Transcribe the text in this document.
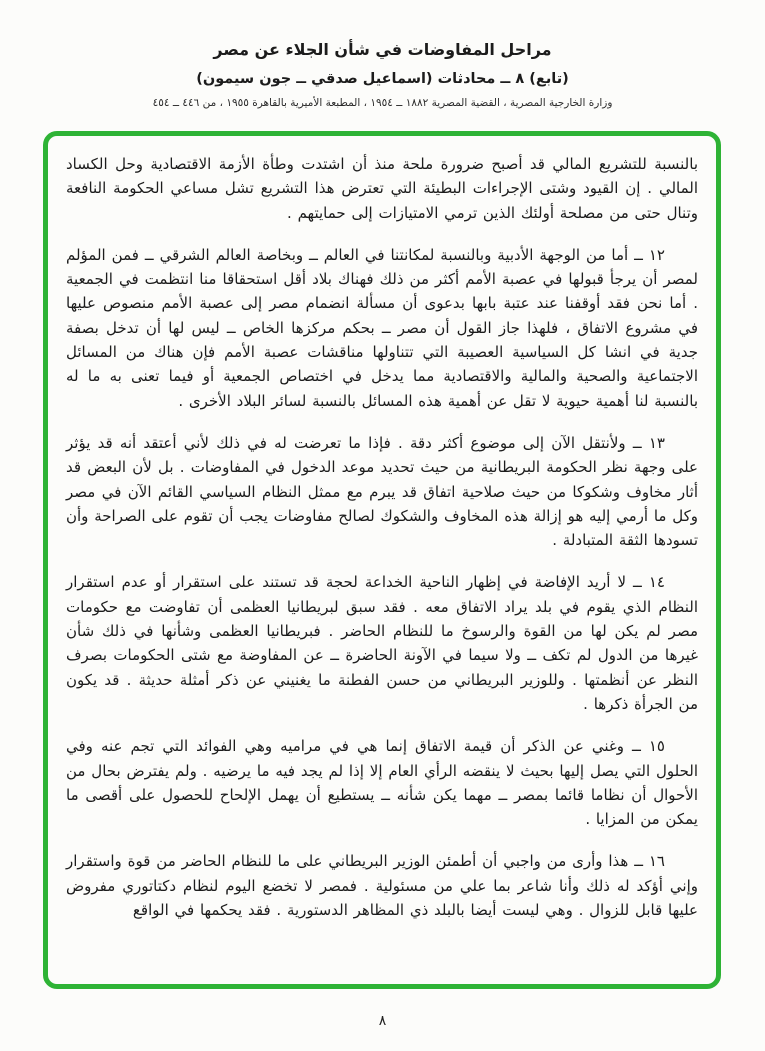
مراحل المفاوضات في شأن الجلاء عن مصر
(تابع) ٨ ــ محادثات (اسماعيل صدقي ــ جون سيمون)
وزارة الخارجية المصرية ، القضية المصرية ١٨٨٢ ــ ١٩٥٤ ، المطبعة الأميرية بالقاهرة ١٩٥٥ ، من ٤٤٦ ــ ٤٥٤

بالنسبة للتشريع المالي قد أصبح ضرورة ملحة منذ أن اشتدت وطأة الأزمة الاقتصادية وحل الكساد المالي . إن القيود وشتى الإجراءات البطيئة التي تعترض هذا التشريع تشل مساعي الحكومة النافعة وتنال حتى من مصلحة أولئك الذين ترمي الامتيازات إلى حمايتهم .

١٢ ــ أما من الوجهة الأدبية وبالنسبة لمكانتنا في العالم ــ وبخاصة العالم الشرقي ــ فمن المؤلم لمصر أن يرجأ قبولها في عصبة الأمم أكثر من ذلك فهناك بلاد أقل استحقاقا منا انتظمت في الجمعية . أما نحن فقد أوقفنا عند عتبة بابها بدعوى أن مسألة انضمام مصر إلى عصبة الأمم منصوص عليها في مشروع الاتفاق ، فلهذا جاز القول أن مصر ــ بحكم مركزها الخاص ــ ليس لها أن تدخل بصفة جدية في انشا كل السياسية العصيبة التي تتناولها مناقشات عصبة الأمم فإن هناك من المسائل الاجتماعية والصحية والمالية والاقتصادية مما يدخل في اختصاص الجمعية أو فيما تعنى به ما له بالنسبة لنا أهمية حيوية لا تقل عن أهمية هذه المسائل بالنسبة لسائر البلاد الأخرى .

١٣ ــ ولأنتقل الآن إلى موضوع أكثر دقة . فإذا ما تعرضت له في ذلك لأني أعتقد أنه قد يؤثر على وجهة نظر الحكومة البريطانية من حيث تحديد موعد الدخول في المفاوضات . بل لأن البعض قد أثار مخاوف وشكوكا من حيث صلاحية اتفاق قد يبرم مع ممثل النظام السياسي القائم الآن في مصر وكل ما أرمي إليه هو إزالة هذه المخاوف والشكوك لصالح مفاوضات يجب أن تقوم على الصراحة وأن تسودها الثقة المتبادلة .

١٤ ــ لا أريد الإفاضة في إظهار الناحية الخداعة لحجة قد تستند على استقرار أو عدم استقرار النظام الذي يقوم في بلد يراد الاتفاق معه . فقد سبق لبريطانيا العظمى أن تفاوضت مع حكومات مصر لم يكن لها من القوة والرسوخ ما للنظام الحاضر . فبريطانيا العظمى وشأنها في ذلك شأن غيرها من الدول لم تكف ــ ولا سيما في الآونة الحاضرة ــ عن المفاوضة مع شتى الحكومات بصرف النظر عن أنظمتها . وللوزير البريطاني من حسن الفطنة ما يغنيني عن ذكر أمثلة حديثة . قد يكون من الجرأة ذكرها .

١٥ ــ وغني عن الذكر أن قيمة الاتفاق إنما هي في مراميه وهي الفوائد التي تجم عنه وفي الحلول التي يصل إليها بحيث لا ينقضه الرأي العام إلا إذا لم يجد فيه ما يرضيه . ولم يفترض بحال من الأحوال أن نظاما قائما بمصر ــ مهما يكن شأنه ــ يستطيع أن يهمل الإلحاح للحصول على أقصى ما يمكن من المزايا .

١٦ ــ هذا وأرى من واجبي أن أطمئن الوزير البريطاني على ما للنظام الحاضر من قوة واستقرار وإني أؤكد له ذلك وأنا شاعر بما علي من مسئولية . فمصر لا تخضع اليوم لنظام دكتاتوري مفروض عليها قابل للزوال . وهي ليست أيضا بالبلد ذي المظاهر الدستورية . فقد يحكمها في الواقع

٨
